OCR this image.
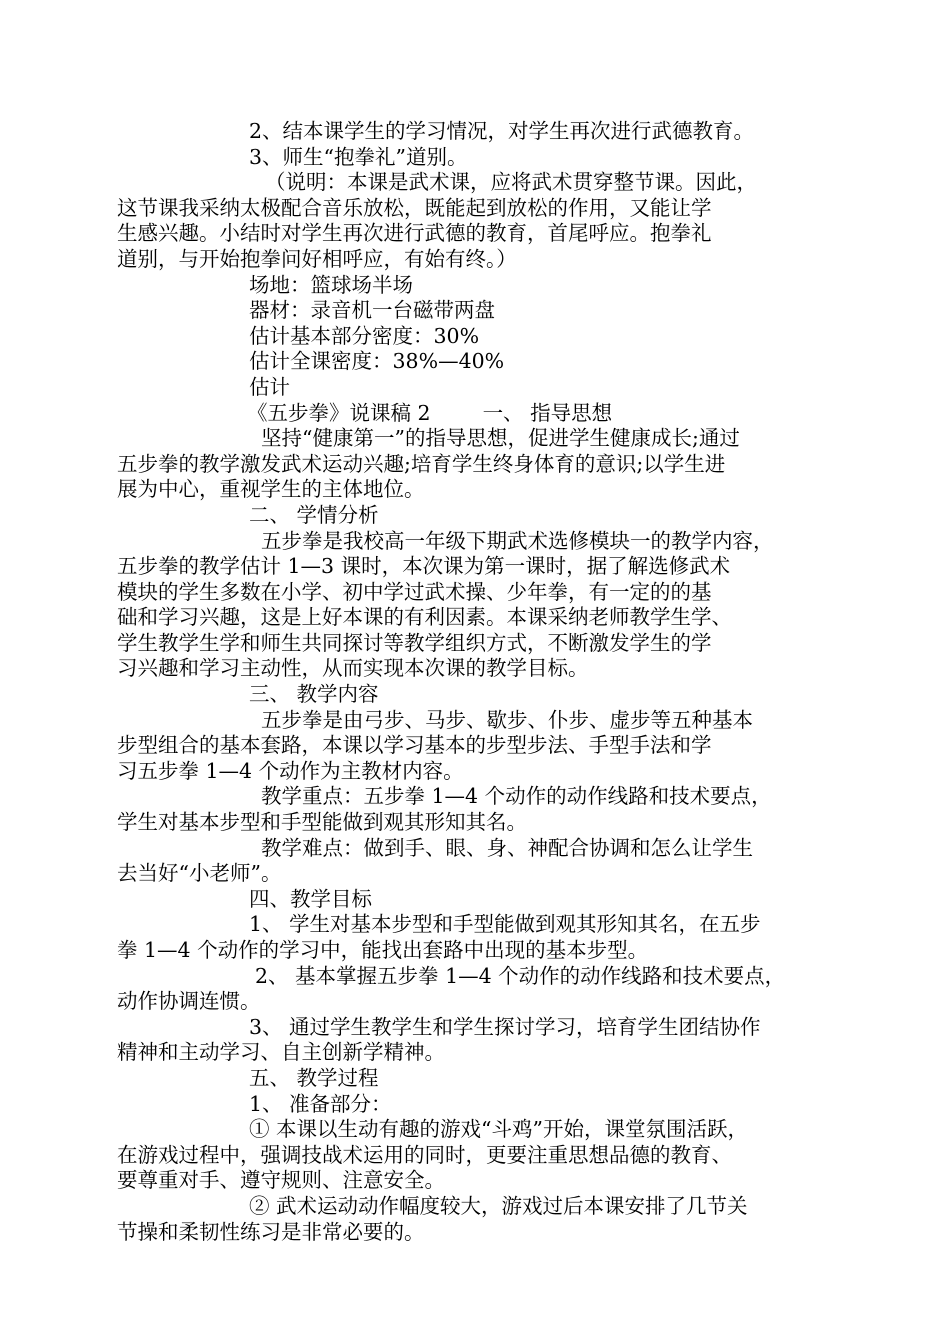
2、结本课学生的学习情况，对学生再次进行武德教育。
3、师生“抱拳礼”道别。
（说明：本课是武术课，应将武术贯穿整节课。因此，
这节课我采纳太极配合音乐放松，既能起到放松的作用，又能让学
生感兴趣。小结时对学生再次进行武德的教育，首尾呼应。抱拳礼
道别，与开始抱拳问好相呼应，有始有终。）
场地：篮球场半场
器材：录音机一台磁带两盘
估计基本部分密度：30%
估计全课密度：38%—40%
估计
《五步拳》说课稿 2	一、 指导思想
坚持“健康第一”的指导思想，促进学生健康成长;通过
五步拳的教学激发武术运动兴趣;培育学生终身体育的意识;以学生进
展为中心，重视学生的主体地位。
二、 学情分析
五步拳是我校高一年级下期武术选修模块一的教学内容，
五步拳的教学估计 1—3 课时，本次课为第一课时，据了解选修武术
模块的学生多数在小学、初中学过武术操、少年拳，有一定的的基
础和学习兴趣，这是上好本课的有利因素。本课采纳老师教学生学、
学生教学生学和师生共同探讨等教学组织方式，不断激发学生的学
习兴趣和学习主动性，从而实现本次课的教学目标。
三、 教学内容
五步拳是由弓步、马步、歇步、仆步、虚步等五种基本
步型组合的基本套路，本课以学习基本的步型步法、手型手法和学
习五步拳 1—4 个动作为主教材内容。
教学重点：五步拳 1—4 个动作的动作线路和技术要点，
学生对基本步型和手型能做到观其形知其名。
教学难点：做到手、眼、身、神配合协调和怎么让学生
去当好“小老师”。
四、教学目标
1、 学生对基本步型和手型能做到观其形知其名，在五步
拳 1—4 个动作的学习中，能找出套路中出现的基本步型。
2、 基本掌握五步拳 1—4 个动作的动作线路和技术要点，
动作协调连惯。
3、 通过学生教学生和学生探讨学习，培育学生团结协作
精神和主动学习、自主创新学精神。
五、 教学过程
1、 准备部分：
① 本课以生动有趣的游戏“斗鸡”开始，课堂氛围活跃，
在游戏过程中，强调技战术运用的同时，更要注重思想品德的教育、
要尊重对手、遵守规则、注意安全。
② 武术运动动作幅度较大，游戏过后本课安排了几节关
节操和柔韧性练习是非常必要的。
